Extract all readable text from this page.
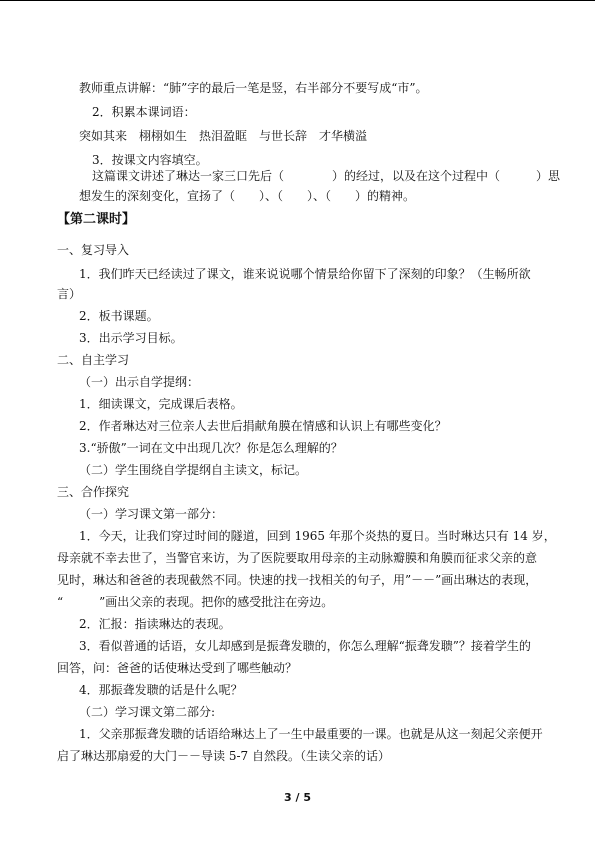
教师重点讲解：“肺”字的最后一笔是竖，右半部分不要写成“市”。
2．积累本课词语：
突如其来　栩栩如生　热泪盈眶　与世长辞　才华横溢
3．按课文内容填空。
这篇课文讲述了琳达一家三口先后（　　　　）的经过，以及在这个过程中（　　　）思
想发生的深刻变化，宣扬了（　　）、（　　）、（　　）的精神。
【第二课时】
一、复习导入
1．我们昨天已经读过了课文，谁来说说哪个情景给你留下了深刻的印象？（生畅所欲
言）
2．板书课题。
3．出示学习目标。
二、自主学习
（一）出示自学提纲：
1．细读课文，完成课后表格。
2．作者琳达对三位亲人去世后捐献角膜在情感和认识上有哪些变化？
3.“骄傲”一词在文中出现几次？你是怎么理解的？
（二）学生围绕自学提纲自主读文，标记。
三、合作探究
（一）学习课文第一部分：
1．今天，让我们穿过时间的隧道，回到 1965 年那个炎热的夏日。当时琳达只有 14 岁，
母亲就不幸去世了，当警官来访，为了医院要取用母亲的主动脉瓣膜和角膜而征求父亲的意
见时，琳达和爸爸的表现截然不同。快速的找一找相关的句子，用”－－”画出琳达的表现，
“　　　”画出父亲的表现。把你的感受批注在旁边。
2．汇报：指读琳达的表现。
3．看似普通的话语，女儿却感到是振聋发聩的，你怎么理解“振聋发聩”？接着学生的
回答，问：爸爸的话使琳达受到了哪些触动？
4．那振聋发聩的话是什么呢？
（二）学习课文第二部分:
1．父亲那振聋发聩的话语给琳达上了一生中最重要的一课。也就是从这一刻起父亲便开
启了琳达那扇爱的大门－－导读 5-7 自然段。（生读父亲的话）
3 / 5
